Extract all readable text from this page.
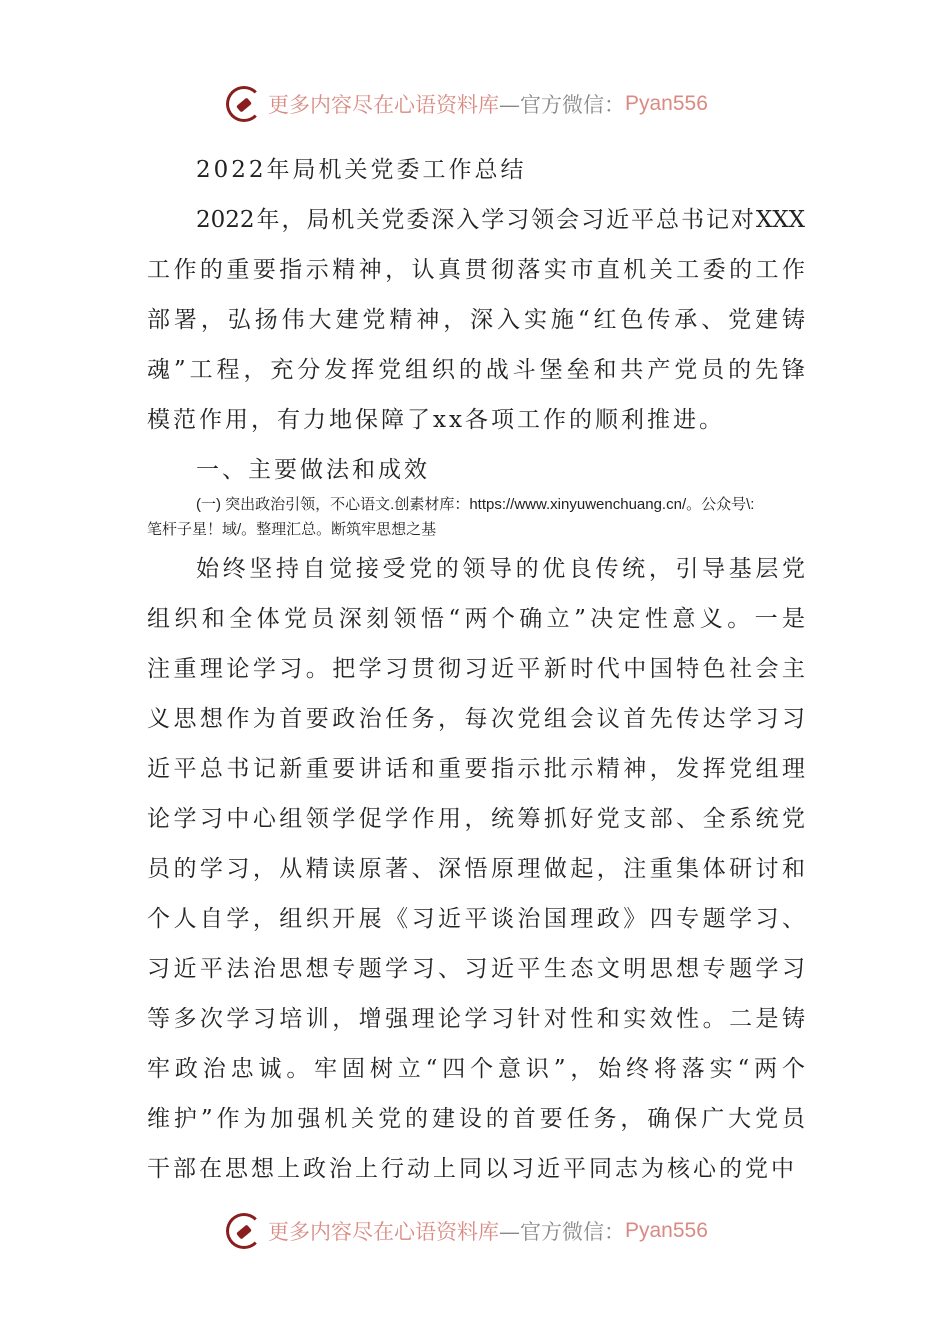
更多内容尽在心语资料库 —官方微信： Pyan556
2022年局机关党委工作总结
2022年，局机关党委深入学习领会习近平总书记对XXX
工作的重要指示精神，认真贯彻落实市直机关工委的工作
部署，弘扬伟大建党精神，深入实施“红色传承、党建铸
魂”工程，充分发挥党组织的战斗堡垒和共产党员的先锋
模范作用，有力地保障了xx各项工作的顺利推进。
一、主要做法和成效
(一) 突出政治引领，不心语文.创素材库：https://www.xinyuwenchuang.cn/。公众号\:
笔杆子星！域/。整理汇总。断筑牢思想之基
始终坚持自觉接受党的领导的优良传统，引导基层党
组织和全体党员深刻领悟“两个确立”决定性意义。一是
注重理论学习。把学习贯彻习近平新时代中国特色社会主
义思想作为首要政治任务，每次党组会议首先传达学习习
近平总书记新重要讲话和重要指示批示精神，发挥党组理
论学习中心组领学促学作用，统筹抓好党支部、全系统党
员的学习，从精读原著、深悟原理做起，注重集体研讨和
个人自学，组织开展《习近平谈治国理政》四专题学习、
习近平法治思想专题学习、习近平生态文明思想专题学习
等多次学习培训，增强理论学习针对性和实效性。二是铸
牢政治忠诚。牢固树立“四个意识”，始终将落实“两个
维护”作为加强机关党的建设的首要任务，确保广大党员
干部在思想上政治上行动上同以习近平同志为核心的党中
更多内容尽在心语资料库 —官方微信： Pyan556
